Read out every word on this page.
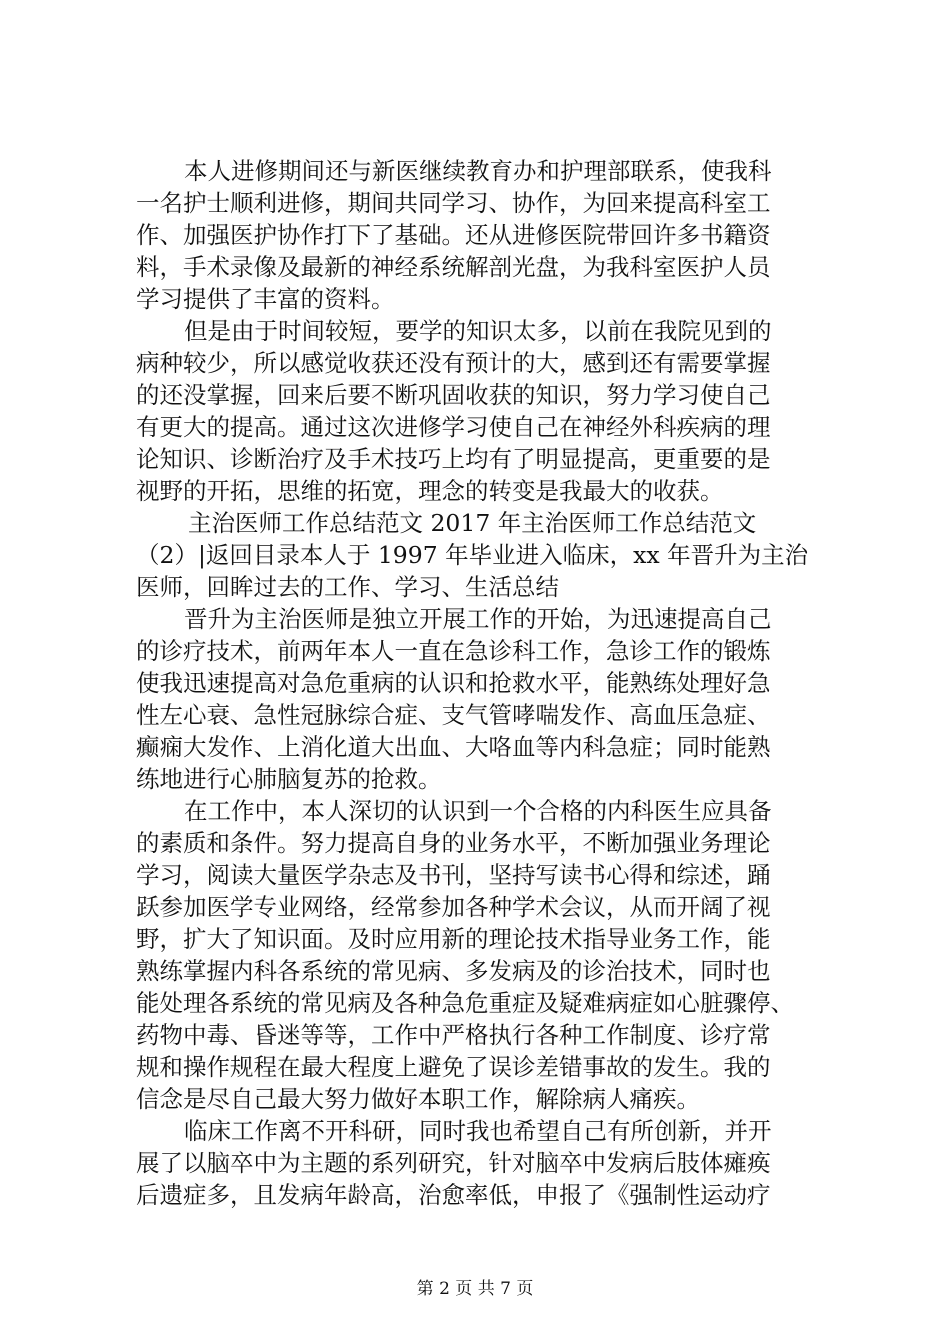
本人进修期间还与新医继续教育办和护理部联系，使我科
一名护士顺利进修，期间共同学习、协作，为回来提高科室工
作、加强医护协作打下了基础。还从进修医院带回许多书籍资
料，手术录像及最新的神经系统解剖光盘，为我科室医护人员
学习提供了丰富的资料。
但是由于时间较短，要学的知识太多，以前在我院见到的
病种较少，所以感觉收获还没有预计的大，感到还有需要掌握
的还没掌握，回来后要不断巩固收获的知识，努力学习使自己
有更大的提高。通过这次进修学习使自己在神经外科疾病的理
论知识、诊断治疗及手术技巧上均有了明显提高，更重要的是
视野的开拓，思维的拓宽，理念的转变是我最大的收获。
主治医师工作总结范文 2017 年主治医师工作总结范文
（2）|返回目录本人于 1997 年毕业进入临床，xx 年晋升为主治
医师，回眸过去的工作、学习、生活总结
晋升为主治医师是独立开展工作的开始，为迅速提高自己
的诊疗技术，前两年本人一直在急诊科工作，急诊工作的锻炼
使我迅速提高对急危重病的认识和抢救水平，能熟练处理好急
性左心衰、急性冠脉综合症、支气管哮喘发作、高血压急症、
癫痫大发作、上消化道大出血、大咯血等内科急症；同时能熟
练地进行心肺脑复苏的抢救。
在工作中，本人深切的认识到一个合格的内科医生应具备
的素质和条件。努力提高自身的业务水平，不断加强业务理论
学习，阅读大量医学杂志及书刊，坚持写读书心得和综述，踊
跃参加医学专业网络，经常参加各种学术会议，从而开阔了视
野，扩大了知识面。及时应用新的理论技术指导业务工作，能
熟练掌握内科各系统的常见病、多发病及的诊治技术，同时也
能处理各系统的常见病及各种急危重症及疑难病症如心脏骤停、
药物中毒、昏迷等等，工作中严格执行各种工作制度、诊疗常
规和操作规程在最大程度上避免了误诊差错事故的发生。我的
信念是尽自己最大努力做好本职工作，解除病人痛疾。
临床工作离不开科研，同时我也希望自己有所创新，并开
展了以脑卒中为主题的系列研究，针对脑卒中发病后肢体瘫痪
后遗症多，且发病年龄高，治愈率低，申报了《强制性运动疗
第 2 页 共 7 页
